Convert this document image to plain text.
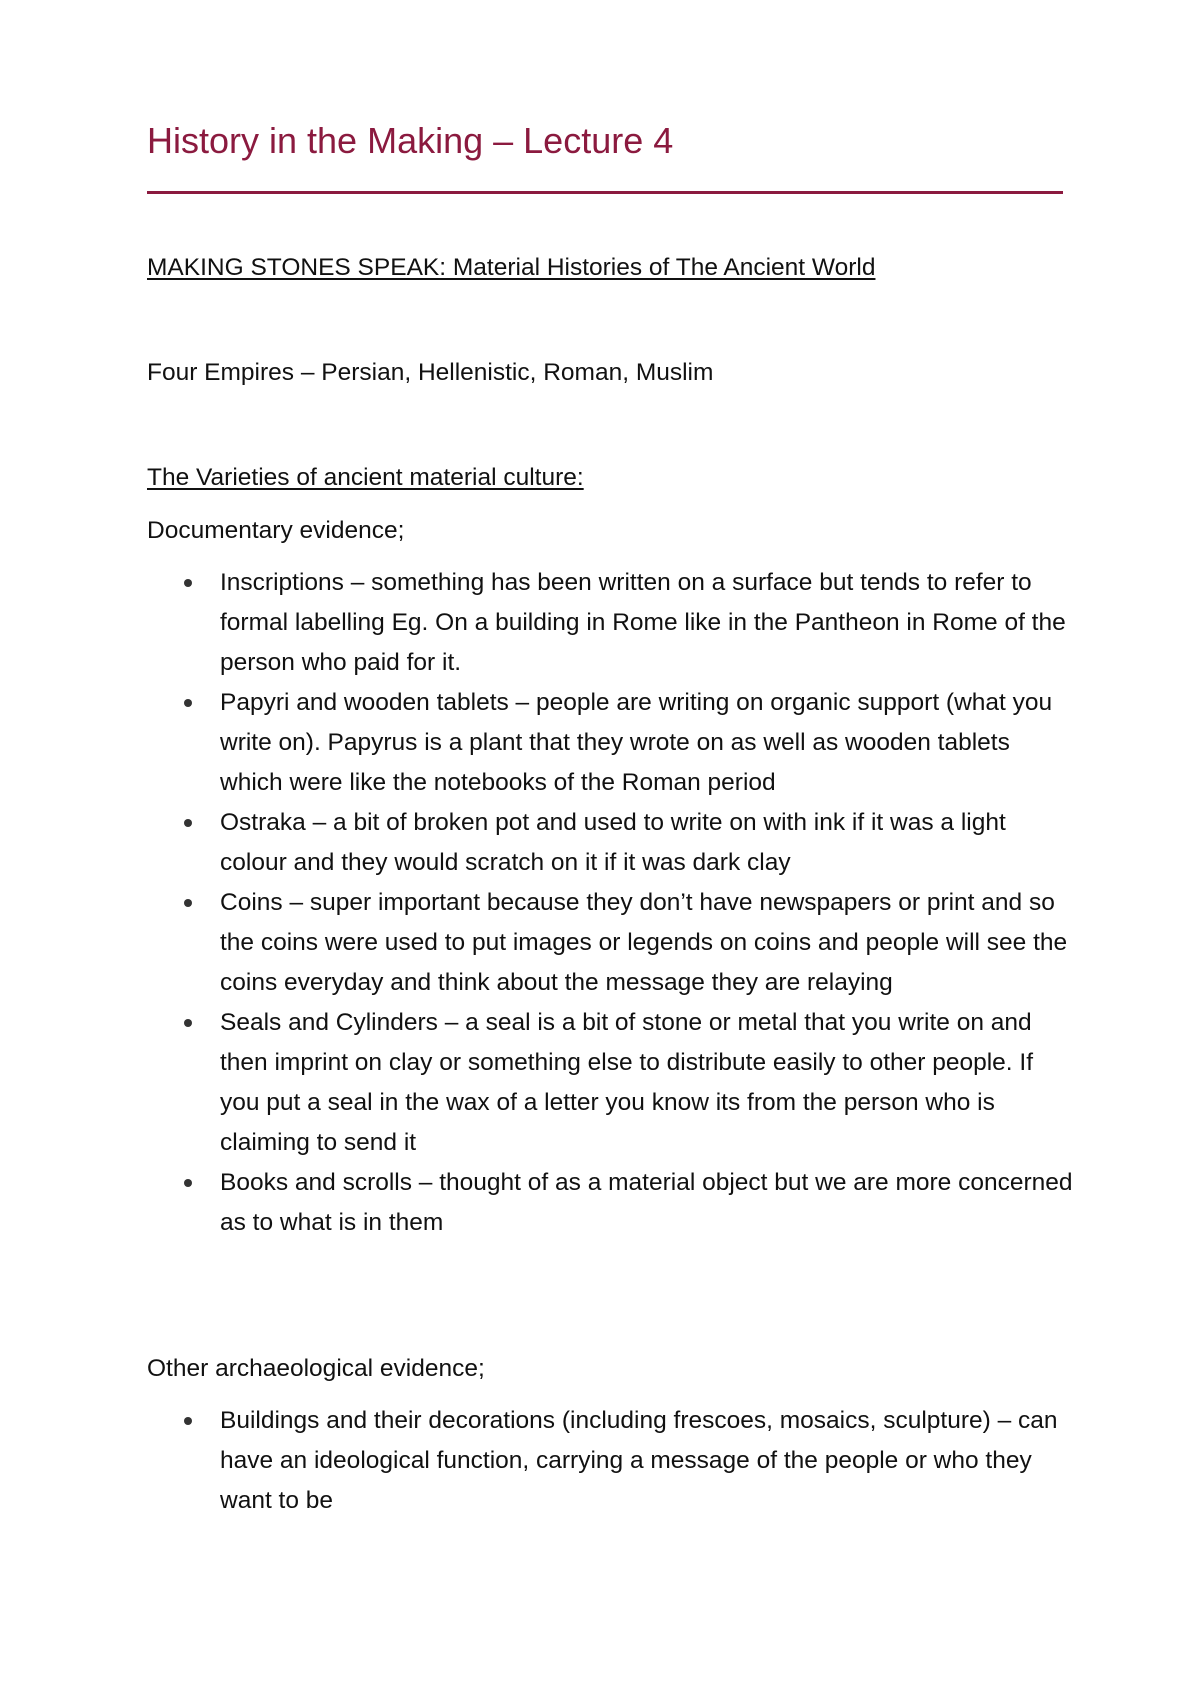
History in the Making – Lecture 4
MAKING STONES SPEAK: Material Histories of The Ancient World
Four Empires – Persian, Hellenistic, Roman, Muslim
The Varieties of ancient material culture:
Documentary evidence;
Inscriptions – something has been written on a surface but tends to refer to formal labelling Eg. On a building in Rome like in the Pantheon in Rome of the person who paid for it.
Papyri and wooden tablets – people are writing on organic support (what you write on). Papyrus is a plant that they wrote on as well as wooden tablets which were like the notebooks of the Roman period
Ostraka – a bit of broken pot and used to write on with ink if it was a light colour and they would scratch on it if it was dark clay
Coins – super important because they don’t have newspapers or print and so the coins were used to put images or legends on coins and people will see the coins everyday and think about the message they are relaying
Seals and Cylinders – a seal is a bit of stone or metal that you write on and then imprint on clay or something else to distribute easily to other people. If you put a seal in the wax of a letter you know its from the person who is claiming to send it
Books and scrolls – thought of as a material object but we are more concerned as to what is in them
Other archaeological evidence;
Buildings and their decorations (including frescoes, mosaics, sculpture) – can have an ideological function, carrying a message of the people or who they want to be
